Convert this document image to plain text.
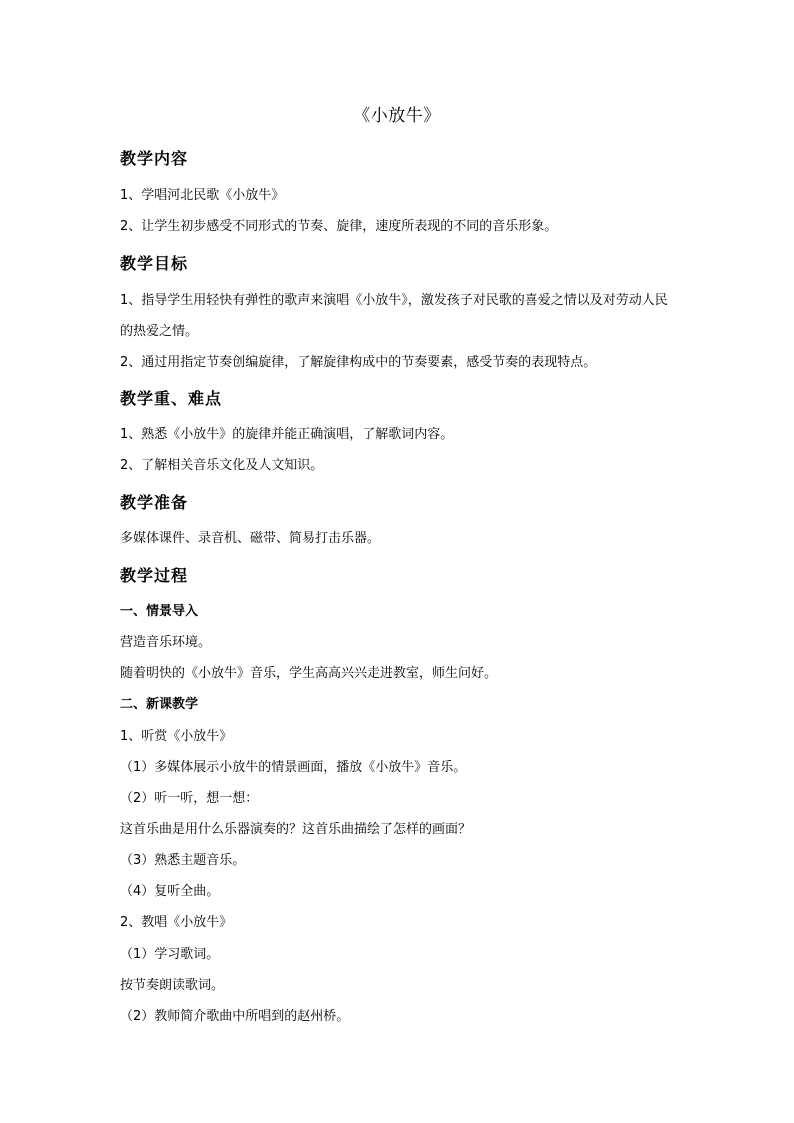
《小放牛》
教学内容
1、学唱河北民歌《小放牛》
2、让学生初步感受不同形式的节奏、旋律，速度所表现的不同的音乐形象。
教学目标
1、指导学生用轻快有弹性的歌声来演唱《小放牛》，激发孩子对民歌的喜爱之情以及对劳动人民的热爱之情。
2、通过用指定节奏创编旋律，了解旋律构成中的节奏要素，感受节奏的表现特点。
教学重、难点
1、熟悉《小放牛》的旋律并能正确演唱，了解歌词内容。
2、了解相关音乐文化及人文知识。
教学准备
多媒体课件、录音机、磁带、简易打击乐器。
教学过程
一、情景导入
营造音乐环境。
随着明快的《小放牛》音乐，学生高高兴兴走进教室，师生问好。
二、新课教学
1、听赏《小放牛》
（1）多媒体展示小放牛的情景画面，播放《小放牛》音乐。
（2）听一听，想一想：
这首乐曲是用什么乐器演奏的？这首乐曲描绘了怎样的画面？
（3）熟悉主题音乐。
（4）复听全曲。
2、教唱《小放牛》
（1）学习歌词。
按节奏朗读歌词。
（2）教师简介歌曲中所唱到的赵州桥。
